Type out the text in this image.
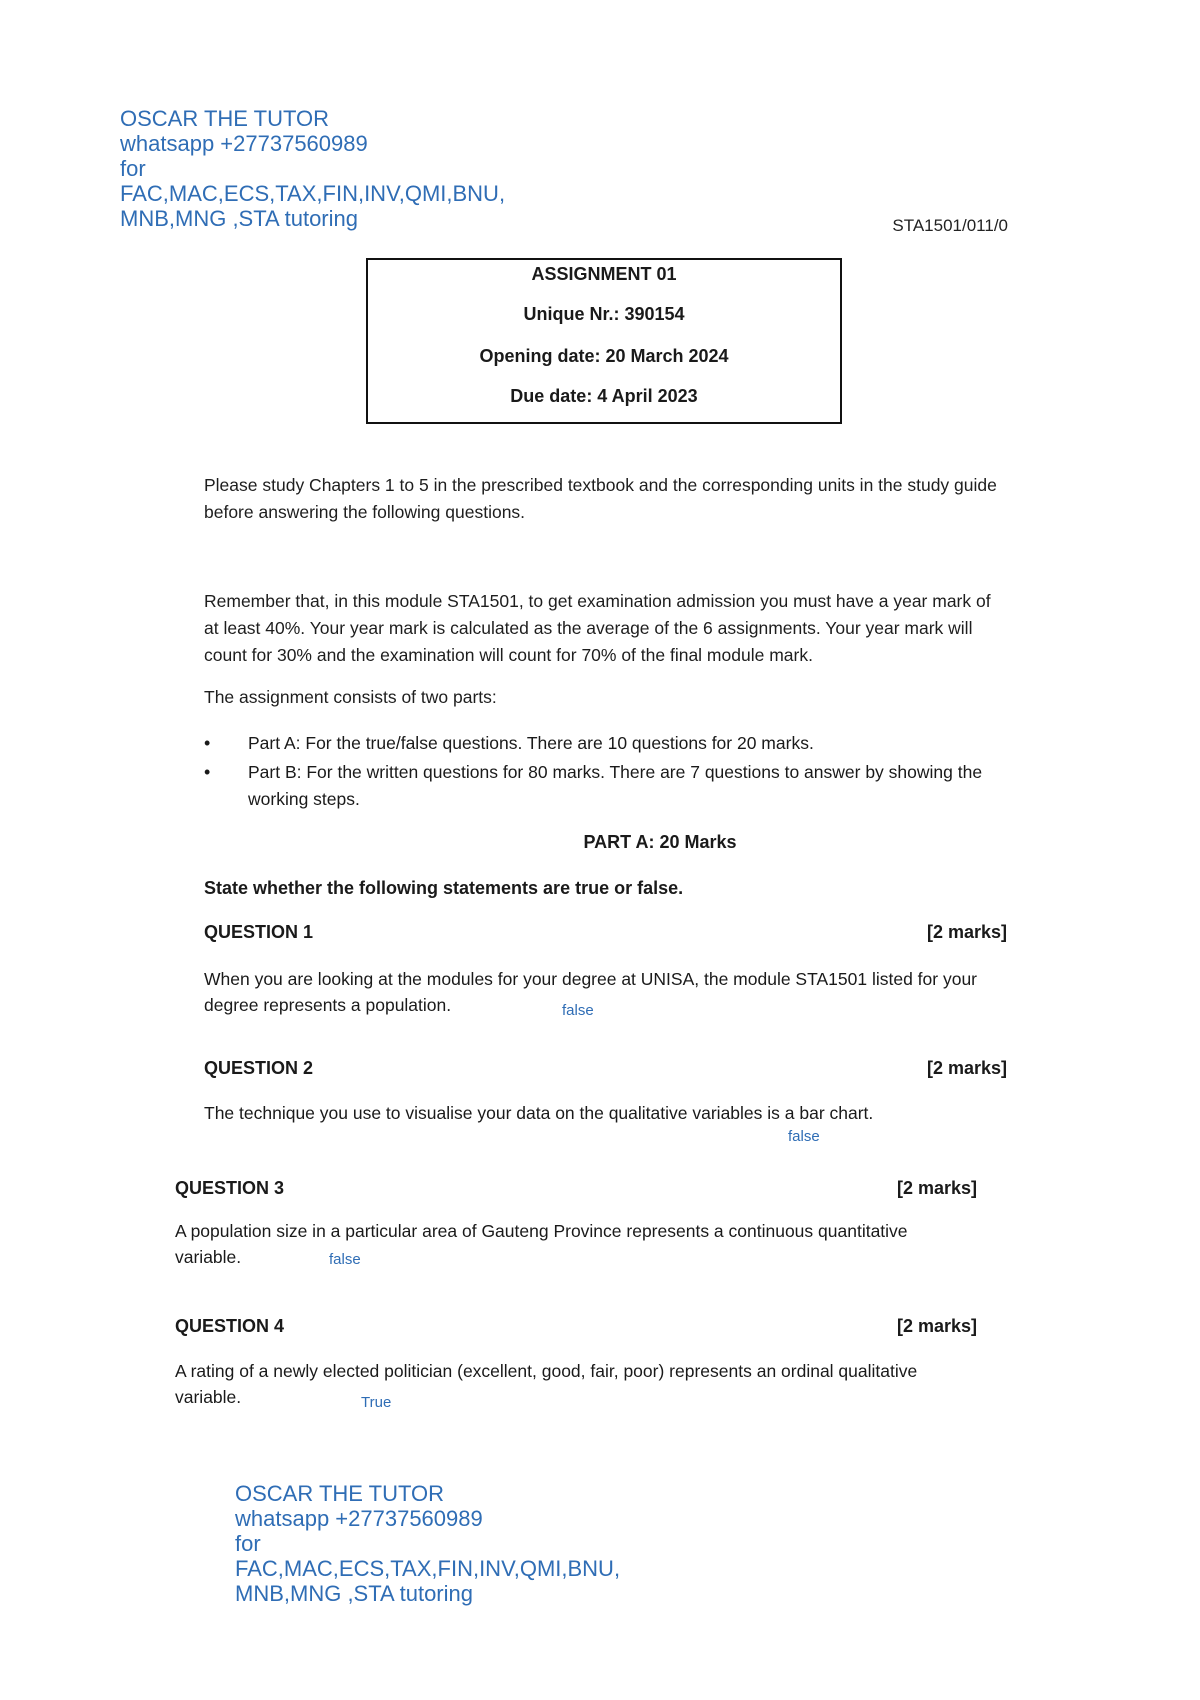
OSCAR THE TUTOR
whatsapp +27737560989
for
FAC,MAC,ECS,TAX,FIN,INV,QMI,BNU,
MNB,MNG ,STA tutoring	STA1501/011/0
ASSIGNMENT 01
Unique Nr.: 390154
Opening date: 20 March 2024
Due date: 4 April 2023
Please study Chapters 1 to 5 in the prescribed textbook and the corresponding units in the study guide before answering the following questions.
Remember that, in this module STA1501, to get examination admission you must have a year mark of at least 40%. Your year mark is calculated as the average of the 6 assignments. Your year mark will count for 30% and the examination will count for 70% of the final module mark.
The assignment consists of two parts:
• Part A: For the true/false questions. There are 10 questions for 20 marks.
• Part B: For the written questions for 80 marks. There are 7 questions to answer by showing the working steps.
PART A: 20 Marks
State whether the following statements are true or false.
QUESTION 1	[2 marks]
When you are looking at the modules for your degree at UNISA, the module STA1501 listed for your degree represents a population.	false
QUESTION 2	[2 marks]
The technique you use to visualise your data on the qualitative variables is a bar chart.
false
QUESTION 3	[2 marks]
A population size in a particular area of Gauteng Province represents a continuous quantitative variable.	false
QUESTION 4	[2 marks]
A rating of a newly elected politician (excellent, good, fair, poor) represents an ordinal qualitative variable.	True
OSCAR THE TUTOR
whatsapp +27737560989
for
FAC,MAC,ECS,TAX,FIN,INV,QMI,BNU,
MNB,MNG ,STA tutoring
